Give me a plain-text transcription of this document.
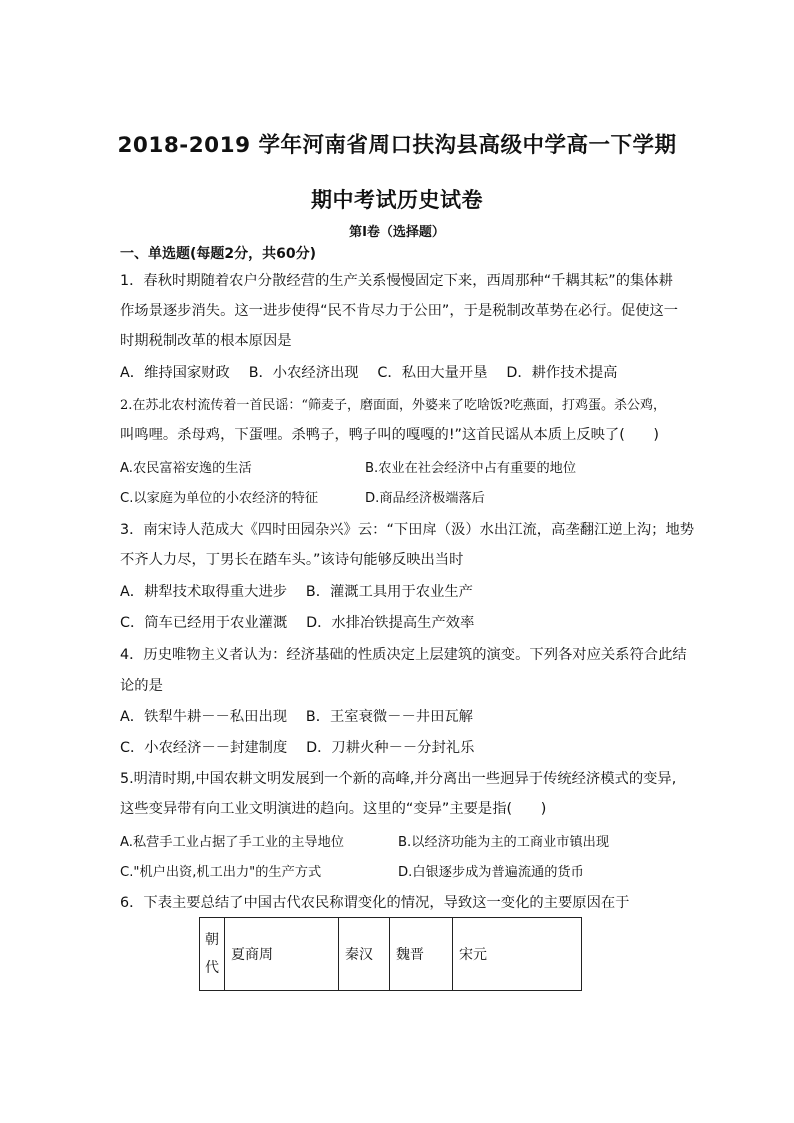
2018-2019 学年河南省周口扶沟县高级中学高一下学期
期中考试历史试卷
第Ⅰ卷（选择题）
一、单选题(每题2分，共60分)
1．春秋时期随着农户分散经营的生产关系慢慢固定下来，西周那种“千耦其耘”的集体耕
作场景逐步消失。这一进步使得“民不肯尽力于公田”，于是税制改革势在必行。促使这一
时期税制改革的根本原因是
A．维持国家财政　 B．小农经济出现　 C．私田大量开垦　 D．耕作技术提高
2.在苏北农村流传着一首民谣：“筛麦子，磨面面，外婆来了吃啥饭?吃燕面，打鸡蛋。杀公鸡，
叫鸣哩。杀母鸡，下蛋哩。杀鸭子，鸭子叫的嘎嘎的!”这首民谣从本质上反映了(　　)
A.农民富裕安逸的生活	B.农业在社会经济中占有重要的地位
C.以家庭为单位的小农经济的特征	D.商品经济极端落后
3．南宋诗人范成大《四时田园杂兴》云：“下田戽（汲）水出江流，高垄翻江逆上沟；地势
不齐人力尽，丁男长在踏车头。”该诗句能够反映出当时
A．耕犁技术取得重大进步　 B．灌溉工具用于农业生产
C．筒车已经用于农业灌溉　 D．水排冶铁提高生产效率
4．历史唯物主义者认为：经济基础的性质决定上层建筑的演变。下列各对应关系符合此结
论的是
A．铁犁牛耕－－私田出现　 B．王室衰微－－井田瓦解
C．小农经济－－封建制度　 D．刀耕火种－－分封礼乐
5.明清时期,中国农耕文明发展到一个新的高峰,并分离出一些迥异于传统经济模式的变异,
这些变异带有向工业文明演进的趋向。这里的“变异”主要是指(　　)
A.私营手工业占据了手工业的主导地位	B.以经济功能为主的工商业市镇出现
C."机户出资,机工出力"的生产方式	D.白银逐步成为普遍流通的货币
6．下表主要总结了中国古代农民称谓变化的情况，导致这一变化的主要原因在于
朝
代
	夏商周	秦汉	魏晋	宋元
